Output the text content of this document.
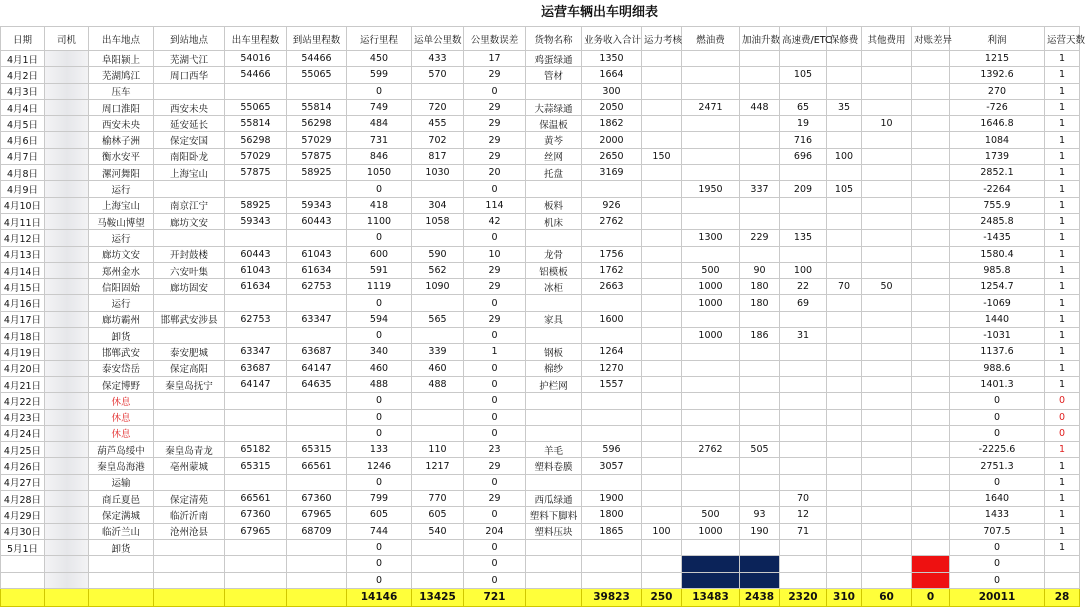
运营车辆出车明细表
日期	司机	出车地点	到站地点	出车里程数	到站里程数	运行里程	运单公里数	公里数误差	货物名称	业务收入合计	运力考核	燃油费	加油升数	高速费/ETC	保修费	其他费用	对账差异	利润	运营天数
4月1日		阜阳颍上	芜湖弋江	54016	54466	450	433	17	鸡蛋绿通	1350								1215	1
4月2日		芜湖鸠江	周口西华	54466	55065	599	570	29	管材	1664				105				1392.6	1
4月3日		压车				0		0		300								270	1
4月4日		周口淮阳	西安未央	55065	55814	749	720	29	大蒜绿通	2050		2471	448	65	35			-726	1
4月5日		西安未央	延安延长	55814	56298	484	455	29	保温板	1862				19		10		1646.8	1
4月6日		榆林子洲	保定安国	56298	57029	731	702	29	黄芩	2000				716				1084	1
4月7日		衡水安平	南阳卧龙	57029	57875	846	817	29	丝网	2650	150			696	100			1739	1
4月8日		漯河舞阳	上海宝山	57875	58925	1050	1030	20	托盘	3169								2852.1	1
4月9日		运行				0		0				1950	337	209	105			-2264	1
4月10日		上海宝山	南京江宁	58925	59343	418	304	114	板料	926								755.9	1
4月11日		马鞍山博望	廊坊文安	59343	60443	1100	1058	42	机床	2762								2485.8	1
4月12日		运行				0		0				1300	229	135				-1435	1
4月13日		廊坊文安	开封鼓楼	60443	61043	600	590	10	龙骨	1756								1580.4	1
4月14日		郑州金水	六安叶集	61043	61634	591	562	29	铝模板	1762		500	90	100				985.8	1
4月15日		信阳固始	廊坊固安	61634	62753	1119	1090	29	冰柜	2663		1000	180	22	70	50		1254.7	1
4月16日		运行				0		0				1000	180	69				-1069	1
4月17日		廊坊霸州	邯郸武安涉县	62753	63347	594	565	29	家具	1600								1440	1
4月18日		卸货				0		0				1000	186	31				-1031	1
4月19日		邯郸武安	泰安肥城	63347	63687	340	339	1	钢板	1264								1137.6	1
4月20日		泰安岱岳	保定高阳	63687	64147	460	460	0	棉纱	1270								988.6	1
4月21日		保定博野	秦皇岛抚宁	64147	64635	488	488	0	护栏网	1557								1401.3	1
4月22日		休息				0		0										0	0
4月23日		休息				0		0										0	0
4月24日		休息				0		0										0	0
4月25日		葫芦岛绥中	秦皇岛青龙	65182	65315	133	110	23	羊毛	596		2762	505					-2225.6	1
4月26日		秦皇岛海港	亳州蒙城	65315	66561	1246	1217	29	塑料卷膜	3057								2751.3	1
4月27日		运输				0		0										0	1
4月28日		商丘夏邑	保定清苑	66561	67360	799	770	29	西瓜绿通	1900				70				1640	1
4月29日		保定满城	临沂沂南	67360	67965	605	605	0	塑料下脚料	1800		500	93	12				1433	1
4月30日		临沂兰山	沧州沧县	67965	68709	744	540	204	塑料压块	1865	100	1000	190	71				707.5	1
5月1日		卸货				0		0										0	1
						0		0										0	
						0		0										0	
						14146	13425	721		39823	250	13483	2438	2320	310	60	0	20011	28
